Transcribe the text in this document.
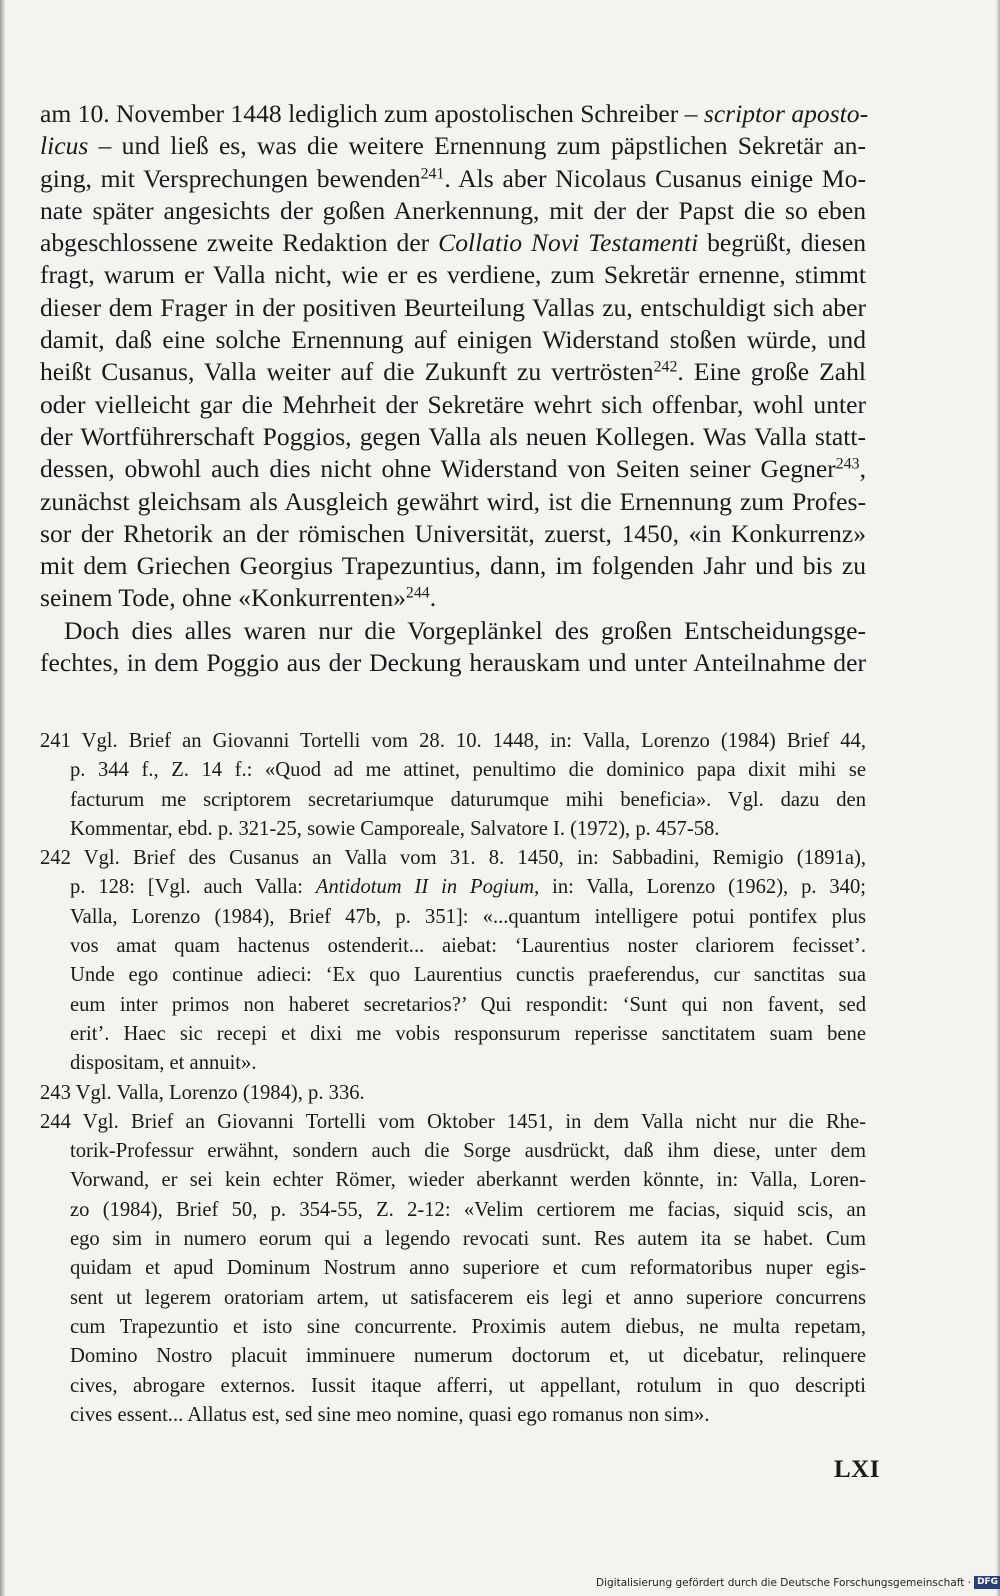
am 10. November 1448 lediglich zum apostolischen Schreiber – scriptor aposto-
licus – und ließ es, was die weitere Ernennung zum päpstlichen Sekretär an-
ging, mit Versprechungen bewenden$^{241}$. Als aber Nicolaus Cusanus einige Mo-
nate später angesichts der goßen Anerkennung, mit der der Papst die so eben
abgeschlossene zweite Redaktion der Collatio Novi Testamenti begrüßt, diesen
fragt, warum er Valla nicht, wie er es verdiene, zum Sekretär ernenne, stimmt
dieser dem Frager in der positiven Beurteilung Vallas zu, entschuldigt sich aber
damit, daß eine solche Ernennung auf einigen Widerstand stoßen würde, und
heißt Cusanus, Valla weiter auf die Zukunft zu vertrösten$^{242}$. Eine große Zahl
oder vielleicht gar die Mehrheit der Sekretäre wehrt sich offenbar, wohl unter
der Wortführerschaft Poggios, gegen Valla als neuen Kollegen. Was Valla statt-
dessen, obwohl auch dies nicht ohne Widerstand von Seiten seiner Gegner$^{243}$,
zunächst gleichsam als Ausgleich gewährt wird, ist die Ernennung zum Profes-
sor der Rhetorik an der römischen Universität, zuerst, 1450, «in Konkurrenz»
mit dem Griechen Georgius Trapezuntius, dann, im folgenden Jahr und bis zu
seinem Tode, ohne «Konkurrenten»$^{244}$.
Doch dies alles waren nur die Vorgeplänkel des großen Entscheidungsge-
fechtes, in dem Poggio aus der Deckung herauskam und unter Anteilnahme der
241 Vgl. Brief an Giovanni Tortelli vom 28. 10. 1448, in: Valla, Lorenzo (1984) Brief 44,
p. 344 f., Z. 14 f.: «Quod ad me attinet, penultimo die dominico papa dixit mihi se
facturum me scriptorem secretariumque daturumque mihi beneficia». Vgl. dazu den
Kommentar, ebd. p. 321-25, sowie Camporeale, Salvatore I. (1972), p. 457-58.
242 Vgl. Brief des Cusanus an Valla vom 31. 8. 1450, in: Sabbadini, Remigio (1891a),
p. 128: [Vgl. auch Valla: Antidotum II in Pogium, in: Valla, Lorenzo (1962), p. 340;
Valla, Lorenzo (1984), Brief 47b, p. 351]: «...quantum intelligere potui pontifex plus
vos amat quam hactenus ostenderit... aiebat: ‘Laurentius noster clariorem fecisset’.
Unde ego continue adieci: ‘Ex quo Laurentius cunctis praeferendus, cur sanctitas sua
eum inter primos non haberet secretarios?’ Qui respondit: ‘Sunt qui non favent, sed
erit’. Haec sic recepi et dixi me vobis responsurum reperisse sanctitatem suam bene
dispositam, et annuit».
243 Vgl. Valla, Lorenzo (1984), p. 336.
244 Vgl. Brief an Giovanni Tortelli vom Oktober 1451, in dem Valla nicht nur die Rhe-
torik-Professur erwähnt, sondern auch die Sorge ausdrückt, daß ihm diese, unter dem
Vorwand, er sei kein echter Römer, wieder aberkannt werden könnte, in: Valla, Loren-
zo (1984), Brief 50, p. 354-55, Z. 2-12: «Velim certiorem me facias, siquid scis, an
ego sim in numero eorum qui a legendo revocati sunt. Res autem ita se habet. Cum
quidam et apud Dominum Nostrum anno superiore et cum reformatoribus nuper egis-
sent ut legerem oratoriam artem, ut satisfacerem eis legi et anno superiore concurrens
cum Trapezuntio et isto sine concurrente. Proximis autem diebus, ne multa repetam,
Domino Nostro placuit imminuere numerum doctorum et, ut dicebatur, relinquere
cives, abrogare externos. Iussit itaque afferri, ut appellant, rotulum in quo descripti
cives essent... Allatus est, sed sine meo nomine, quasi ego romanus non sim».
LXI
Digitalisierung gefördert durch die Deutsche Forschungsgemeinschaft · DFG
